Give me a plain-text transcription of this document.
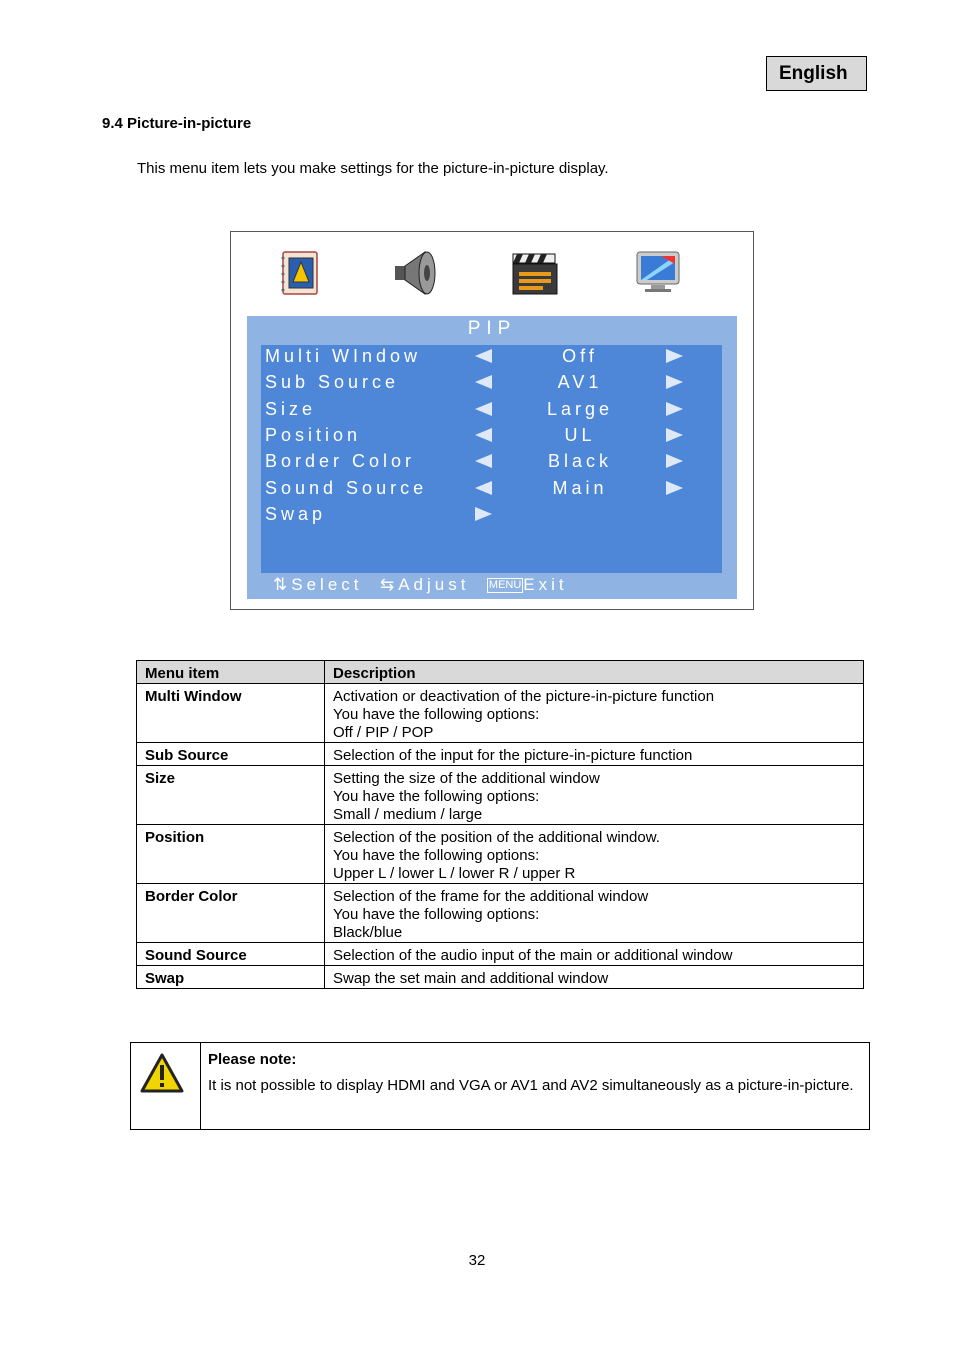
English
9.4 Picture-in-picture
This menu item lets you make settings for the picture-in-picture display.
PIP
Multi WIndow	Off
Sub Source	AV1
Size	Large
Position	UL
Border Color	Black
Sound Source	Main
Swap
⇅Select ⇆Adjust MENU Exit
Menu item	Description
Multi Window	Activation or deactivation of the picture-in-picture function
You have the following options:
Off / PIP / POP

Sub Source	Selection of the input for the picture-in-picture function

Size	Setting the size of the additional window
You have the following options:
Small / medium / large

Position	Selection of the position of the additional window.
You have the following options:
Upper L / lower L / lower R / upper R

Border Color	Selection of the frame for the additional window
You have the following options:
Black/blue

Sound Source	Selection of the audio input of the main or additional window

Swap	Swap the set main and additional window
Please note:
It is not possible to display HDMI and VGA or AV1 and AV2 simultaneously as a picture-in-picture.
32
